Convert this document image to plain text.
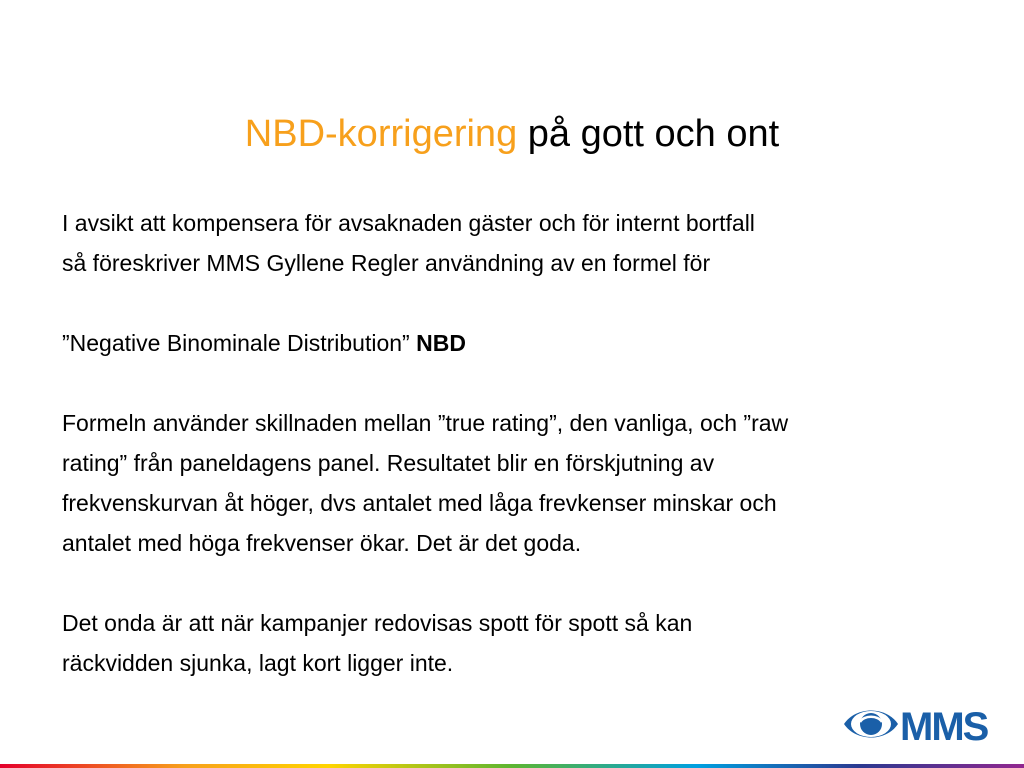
NBD-korrigering på gott och ont

I avsikt att kompensera för avsaknaden gäster och för internt bortfall

så föreskriver MMS Gyllene Regler användning av en formel för

”Negative Binominale Distribution” NBD

Formeln använder skillnaden mellan ”true rating”, den vanliga, och ”raw

rating” från paneldagens panel. Resultatet blir en förskjutning av

frekvenskurvan åt höger, dvs antalet med låga frevkenser minskar och

antalet med höga frekvenser ökar. Det är det goda.

Det onda är att när kampanjer redovisas spott för spott så kan

räckvidden sjunka, lagt kort ligger inte.

MMS
